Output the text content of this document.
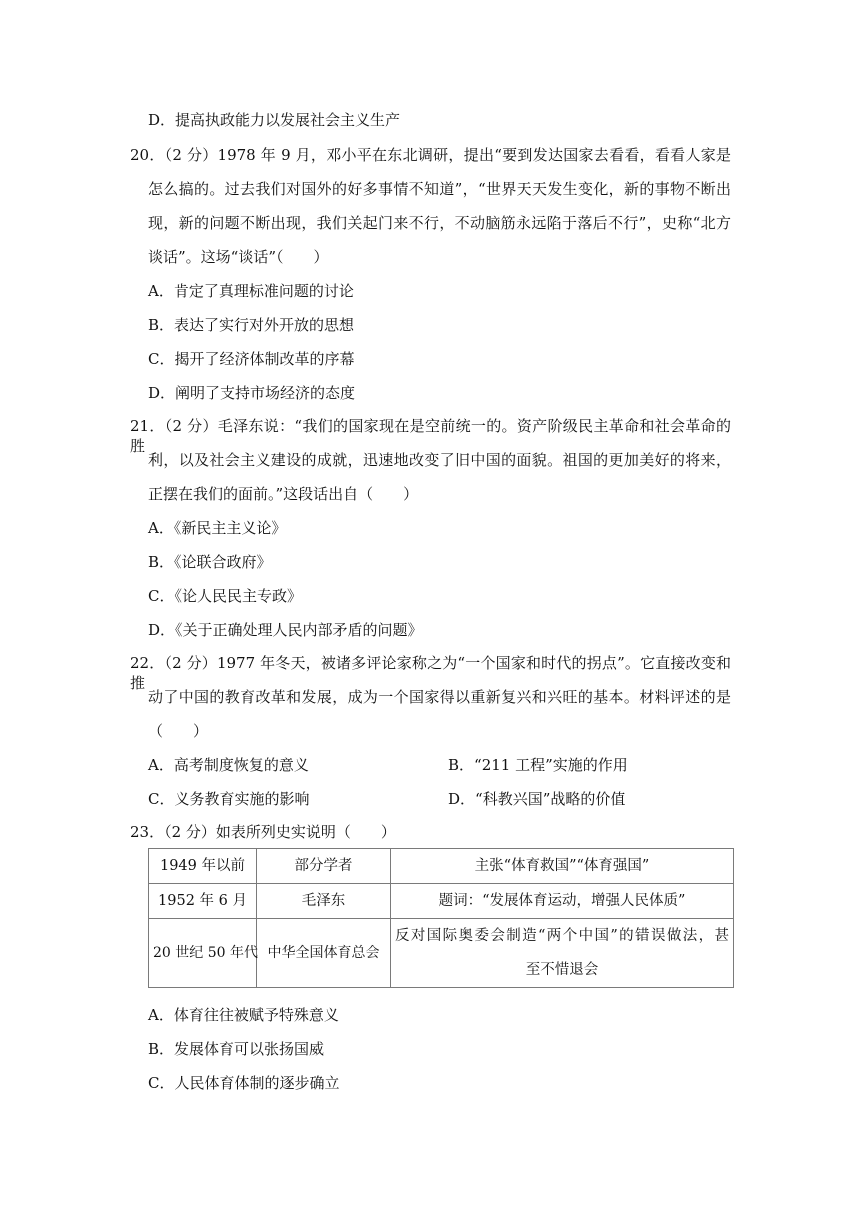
D．提高执政能力以发展社会主义生产
20．（2 分）1978 年 9 月，邓小平在东北调研，提出“要到发达国家去看看，看看人家是
怎么搞的。过去我们对国外的好多事情不知道”，“世界天天发生变化，新的事物不断出
现，新的问题不断出现，我们关起门来不行，不动脑筋永远陷于落后不行”，史称“北方
谈话”。这场“谈话”（　　）
A．肯定了真理标准问题的讨论
B．表达了实行对外开放的思想
C．揭开了经济体制改革的序幕
D．阐明了支持市场经济的态度
21．（2 分）毛泽东说：“我们的国家现在是空前统一的。资产阶级民主革命和社会革命的胜
利，以及社会主义建设的成就，迅速地改变了旧中国的面貌。祖国的更加美好的将来，
正摆在我们的面前。”这段话出自（　　）
A．《新民主主义论》
B．《论联合政府》
C．《论人民民主专政》
D．《关于正确处理人民内部矛盾的问题》
22．（2 分）1977 年冬天，被诸多评论家称之为“一个国家和时代的拐点”。它直接改变和推
动了中国的教育改革和发展，成为一个国家得以重新复兴和兴旺的基本。材料评述的是
（　　）
A．高考制度恢复的意义	B．“211 工程”实施的作用
C．义务教育实施的影响	D．“科教兴国”战略的价值
23．（2 分）如表所列史实说明（　　）
1949 年以前	部分学者	主张“体育救国”“体育强国”
1952 年 6 月	毛泽东	题词：“发展体育运动，增强人民体质”
20 世纪 50 年代	中华全国体育总会	反对国际奥委会制造“两个中国”的错误做法，甚
至不惜退会
A．体育往往被赋予特殊意义
B．发展体育可以张扬国威
C．人民体育体制的逐步确立
